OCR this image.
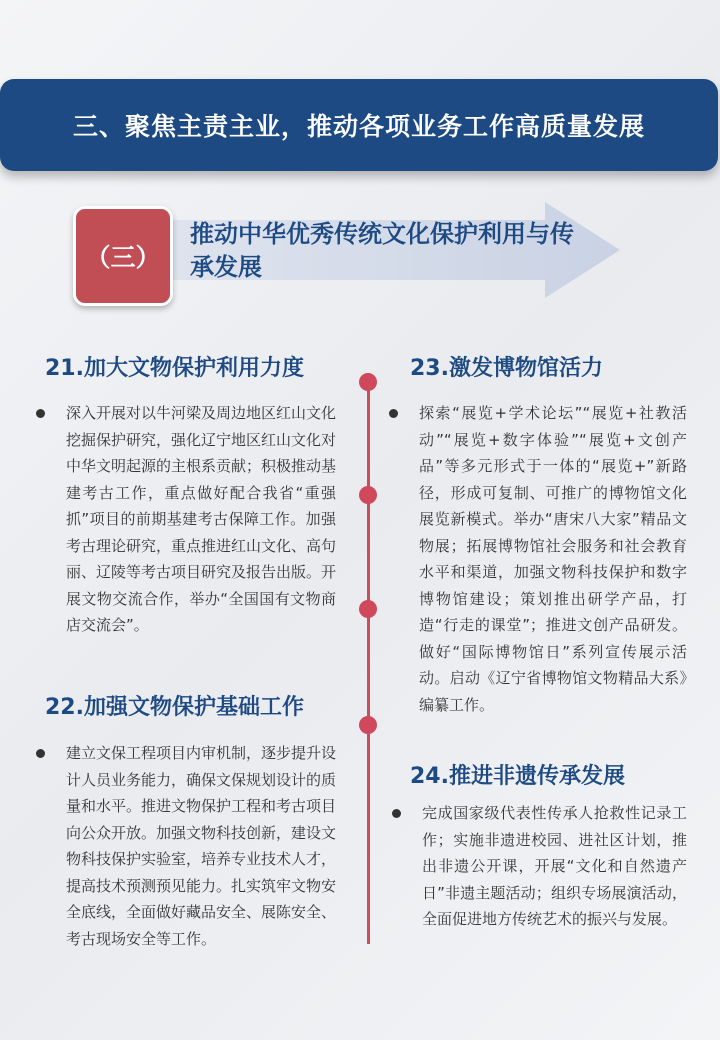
三、聚焦主责主业，推动各项业务工作高质量发展
推动中华优秀传统文化保护利用与传承发展
（三）
21.加大文物保护利用力度
深入开展对以牛河梁及周边地区红山文化挖掘保护研究，强化辽宁地区红山文化对中华文明起源的主根系贡献；积极推动基建考古工作，重点做好配合我省“重强抓”项目的前期基建考古保障工作。加强考古理论研究，重点推进红山文化、高句丽、辽陵等考古项目研究及报告出版。开展文物交流合作，举办“全国国有文物商店交流会”。
22.加强文物保护基础工作
建立文保工程项目内审机制，逐步提升设计人员业务能力，确保文保规划设计的质量和水平。推进文物保护工程和考古项目向公众开放。加强文物科技创新，建设文物科技保护实验室，培养专业技术人才，提高技术预测预见能力。扎实筑牢文物安全底线，全面做好藏品安全、展陈安全、考古现场安全等工作。
23.激发博物馆活力
探索“展览+学术论坛”“展览+社教活动”“展览+数字体验”“展览+文创产品”等多元形式于一体的“展览+”新路径，形成可复制、可推广的博物馆文化展览新模式。举办“唐宋八大家”精品文物展；拓展博物馆社会服务和社会教育水平和渠道，加强文物科技保护和数字博物馆建设；策划推出研学产品，打造“行走的课堂”；推进文创产品研发。做好“国际博物馆日”系列宣传展示活动。启动《辽宁省博物馆文物精品大系》编纂工作。
24.推进非遗传承发展
完成国家级代表性传承人抢救性记录工作；实施非遗进校园、进社区计划，推出非遗公开课，开展“文化和自然遗产日”非遗主题活动；组织专场展演活动，全面促进地方传统艺术的振兴与发展。
